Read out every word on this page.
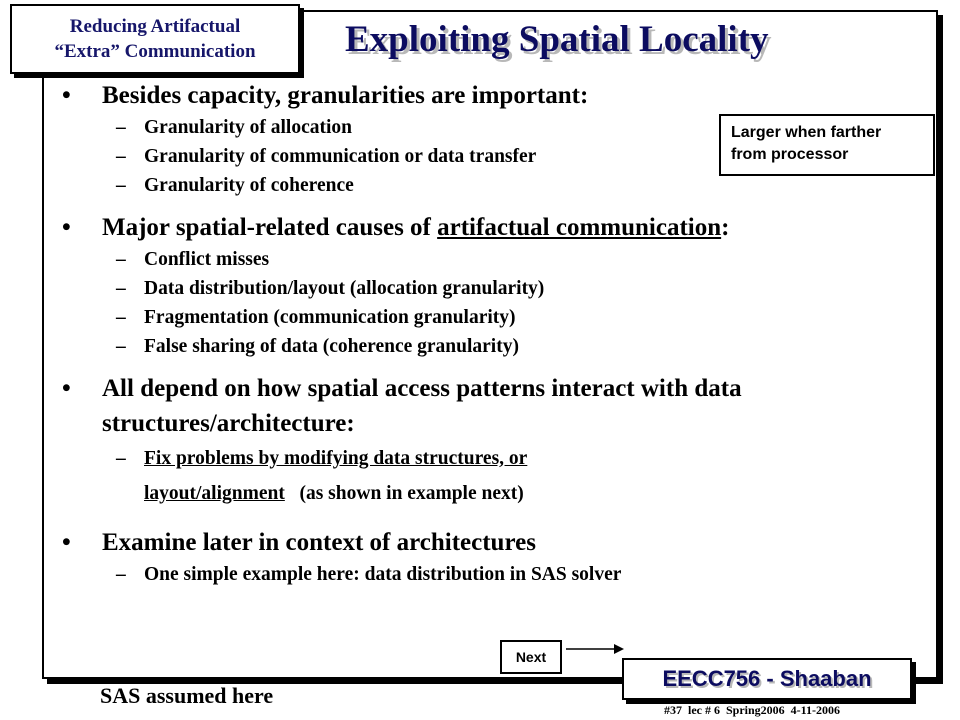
Reducing Artifactual
“Extra” Communication	Exploiting Spatial Locality
• Besides capacity, granularities are important:
– Granularity of allocation
– Granularity of communication or data transfer
– Granularity of coherence
• Major spatial-related causes of artifactual communication:
– Conflict misses
– Data distribution/layout (allocation granularity)
– Fragmentation (communication granularity)
– False sharing of data (coherence granularity)
• All depend on how spatial access patterns interact with data structures/architecture:
– Fix problems by modifying data structures, or
layout/alignment   (as shown in example next)
• Examine later in context of architectures
– One simple example here: data distribution in SAS solver
Larger when farther
from processor
Next
EECC756 - Shaaban
SAS assumed here
#37  lec # 6  Spring2006  4-11-2006
